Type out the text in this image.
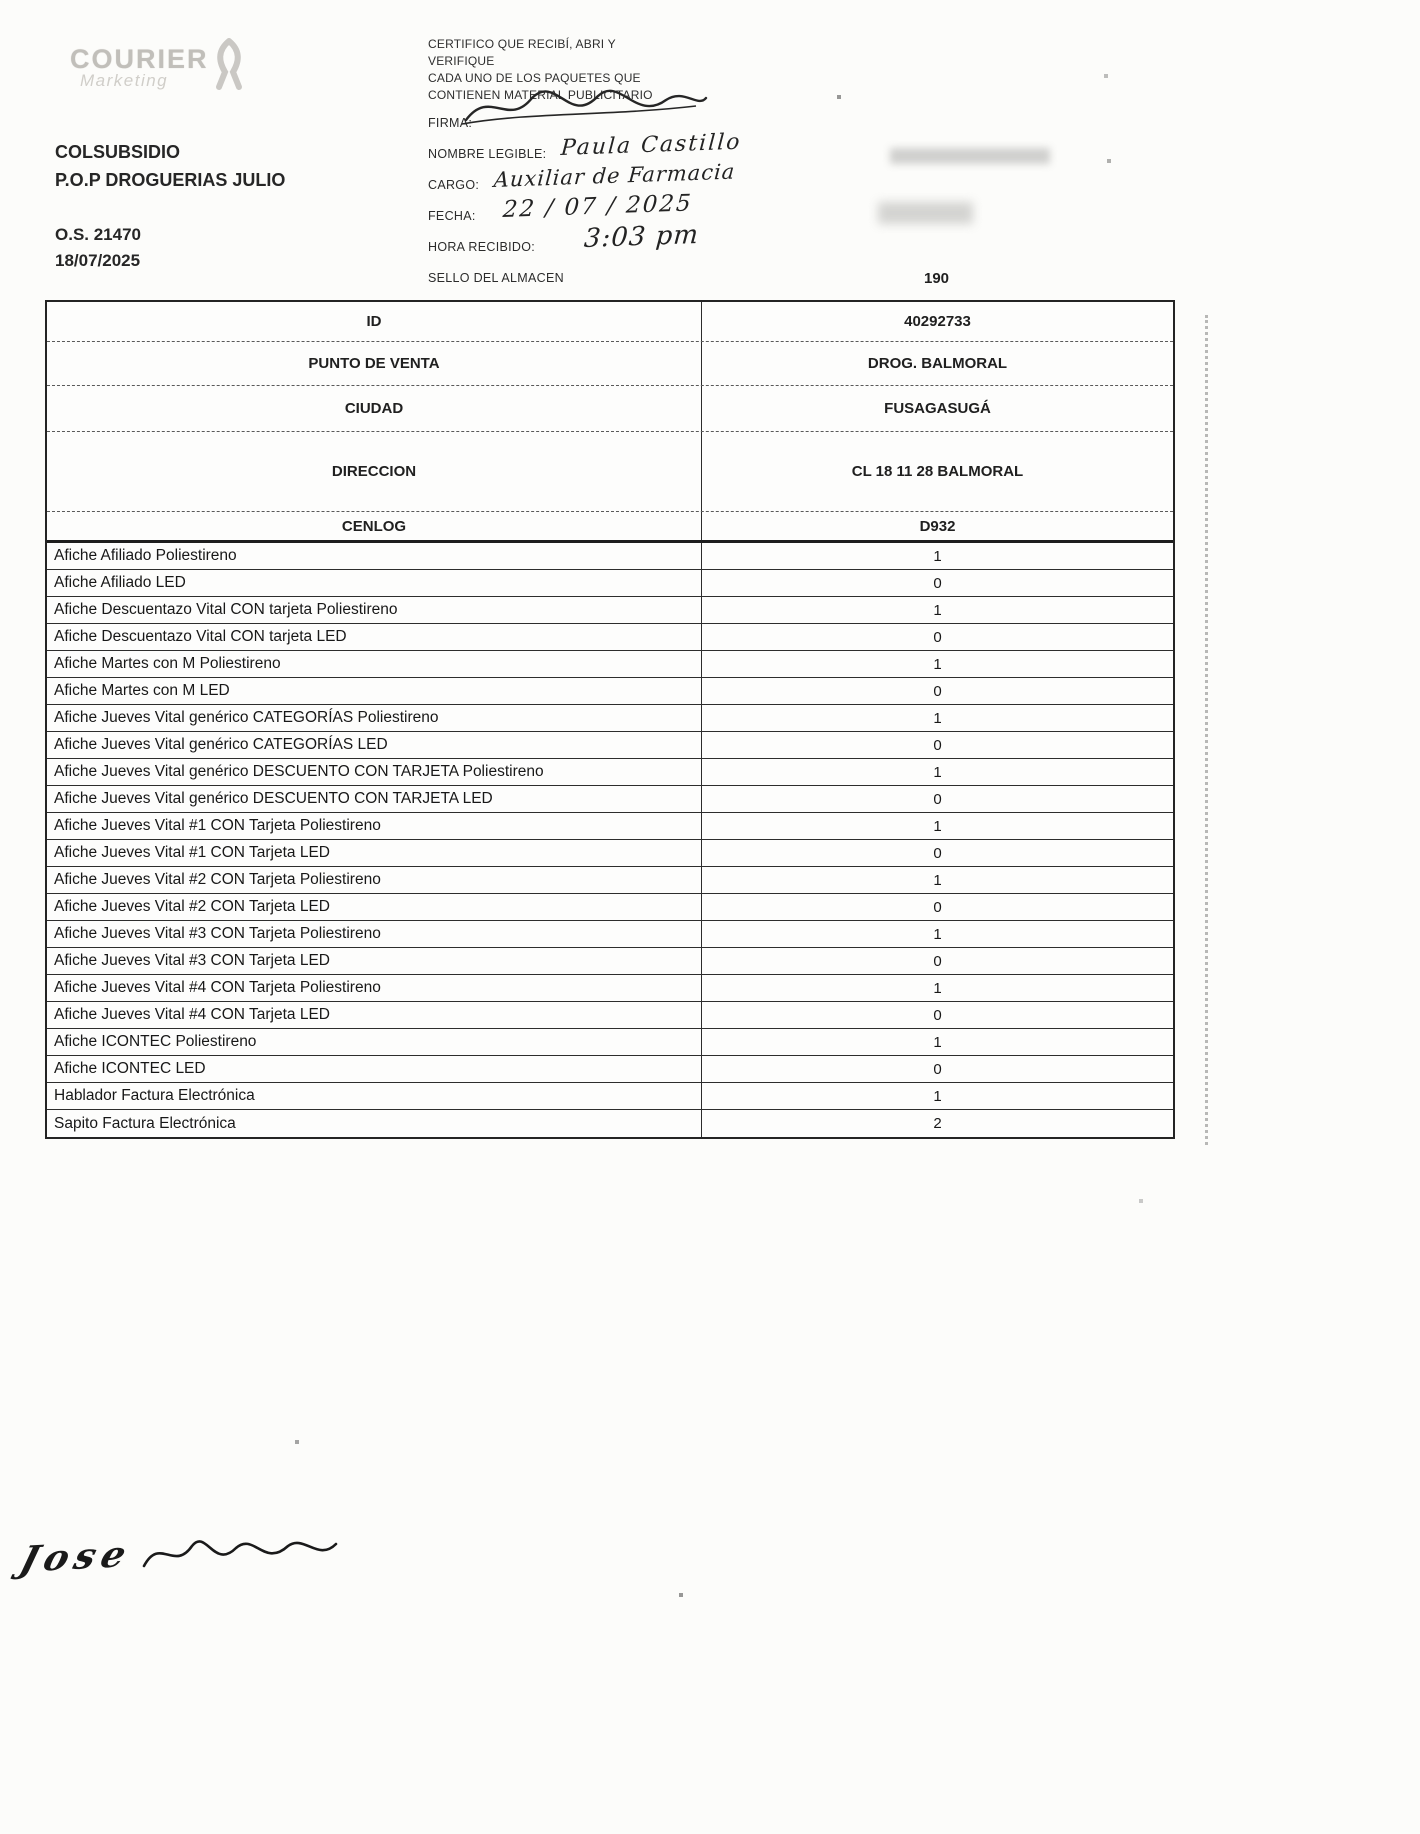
COURIER
Marketing
COLSUBSIDIO
P.O.P DROGUERIAS JULIO
O.S. 21470
18/07/2025
CERTIFICO QUE RECIBÍ, ABRI Y
VERIFIQUE
CADA UNO DE LOS PAQUETES QUE
CONTIENEN MATERIAL PUBLICITARIO
FIRMA:
NOMBRE LEGIBLE: Paula Castillo
CARGO: Auxiliar de Farmacia
FECHA: 22 / 07 / 2025
HORA RECIBIDO: 3:03 pm
SELLO DEL ALMACEN	190
ID	40292733
PUNTO DE VENTA	DROG. BALMORAL
CIUDAD	FUSAGASUGÁ
DIRECCION	CL 18 11 28 BALMORAL
CENLOG	D932
Afiche Afiliado Poliestireno	1
Afiche Afiliado LED	0
Afiche Descuentazo Vital CON tarjeta Poliestireno	1
Afiche Descuentazo Vital CON tarjeta LED	0
Afiche Martes con M Poliestireno	1
Afiche Martes con M LED	0
Afiche Jueves Vital genérico CATEGORÍAS Poliestireno	1
Afiche Jueves Vital genérico CATEGORÍAS LED	0
Afiche Jueves Vital genérico DESCUENTO CON TARJETA Poliestireno	1
Afiche Jueves Vital genérico DESCUENTO CON TARJETA LED	0
Afiche Jueves Vital #1 CON Tarjeta Poliestireno	1
Afiche Jueves Vital #1 CON Tarjeta LED	0
Afiche Jueves Vital #2 CON Tarjeta Poliestireno	1
Afiche Jueves Vital #2 CON Tarjeta LED	0
Afiche Jueves Vital #3 CON Tarjeta Poliestireno	1
Afiche Jueves Vital #3 CON Tarjeta LED	0
Afiche Jueves Vital #4 CON Tarjeta Poliestireno	1
Afiche Jueves Vital #4 CON Tarjeta LED	0
Afiche ICONTEC Poliestireno	1
Afiche ICONTEC LED	0
Hablador Factura Electrónica	1
Sapito Factura Electrónica	2
Jose
